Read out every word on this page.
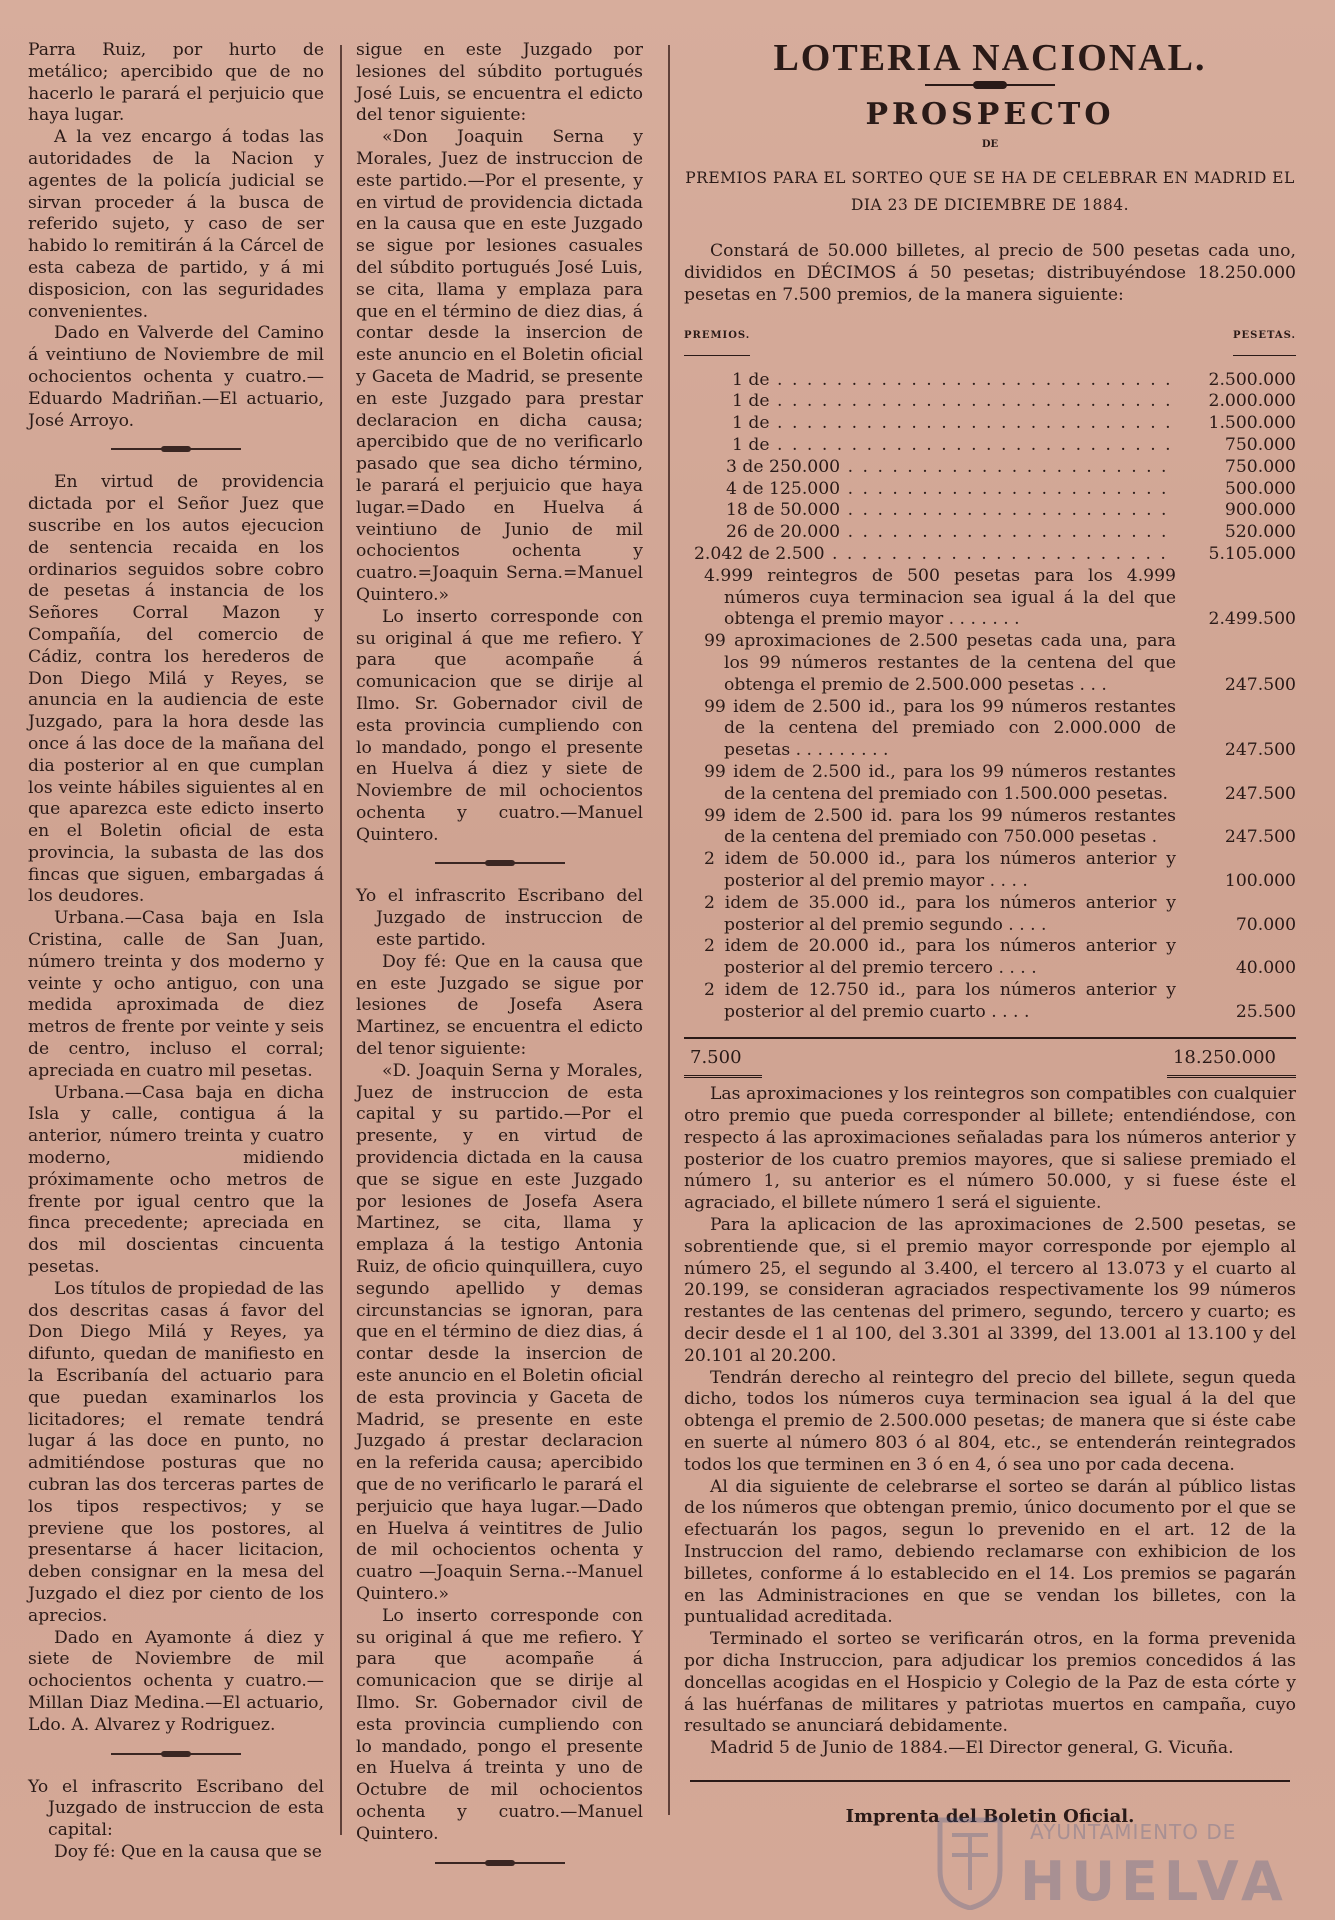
Parra Ruiz, por hurto de metálico; apercibido que de no hacerlo le parará el perjuicio que haya lugar.

A la vez encargo á todas las autoridades de la Nacion y agentes de la policía judicial se sirvan proceder á la busca de referido sujeto, y caso de ser habido lo remitirán á la Cárcel de esta cabeza de partido, y á mi disposicion, con las seguridades convenientes.

Dado en Valverde del Camino á veintiuno de Noviembre de mil ochocientos ochenta y cuatro.—Eduardo Madriñan.—El actuario, José Arroyo.

En virtud de providencia dictada por el Señor Juez que suscribe en los autos ejecucion de sentencia recaida en los ordinarios seguidos sobre cobro de pesetas á instancia de los Señores Corral Mazon y Compañía, del comercio de Cádiz, contra los herederos de Don Diego Milá y Reyes, se anuncia en la audiencia de este Juzgado, para la hora desde las once á las doce de la mañana del dia posterior al en que cumplan los veinte hábiles siguientes al en que aparezca este edicto inserto en el Boletin oficial de esta provincia, la subasta de las dos fincas que siguen, embargadas á los deudores.

Urbana.—Casa baja en Isla Cristina, calle de San Juan, número treinta y dos moderno y veinte y ocho antiguo, con una medida aproximada de diez metros de frente por veinte y seis de centro, incluso el corral; apreciada en cuatro mil pesetas.

Urbana.—Casa baja en dicha Isla y calle, contigua á la anterior, número treinta y cuatro moderno, midiendo próximamente ocho metros de frente por igual centro que la finca precedente; apreciada en dos mil doscientas cincuenta pesetas.

Los títulos de propiedad de las dos descritas casas á favor del Don Diego Milá y Reyes, ya difunto, quedan de manifiesto en la Escribanía del actuario para que puedan examinarlos los licitadores; el remate tendrá lugar á las doce en punto, no admitiéndose posturas que no cubran las dos terceras partes de los tipos respectivos; y se previene que los postores, al presentarse á hacer licitacion, deben consignar en la mesa del Juzgado el diez por ciento de los aprecios.

Dado en Ayamonte á diez y siete de Noviembre de mil ochocientos ochenta y cuatro.—Millan Diaz Medina.—El actuario, Ldo. A. Alvarez y Rodriguez.

Yo el infrascrito Escribano del Juzgado de instruccion de esta capital:

Doy fé: Que en la causa que se

sigue en este Juzgado por lesiones del súbdito portugués José Luis, se encuentra el edicto del tenor siguiente:

«Don Joaquin Serna y Morales, Juez de instruccion de este partido.—Por el presente, y en virtud de providencia dictada en la causa que en este Juzgado se sigue por lesiones casuales del súbdito portugués José Luis, se cita, llama y emplaza para que en el término de diez dias, á contar desde la insercion de este anuncio en el Boletin oficial y Gaceta de Madrid, se presente en este Juzgado para prestar declaracion en dicha causa; apercibido que de no verificarlo pasado que sea dicho término, le parará el perjuicio que haya lugar.=Dado en Huelva á veintiuno de Junio de mil ochocientos ochenta y cuatro.=Joaquin Serna.=Manuel Quintero.»

Lo inserto corresponde con su original á que me refiero. Y para que acompañe á comunicacion que se dirije al Ilmo. Sr. Gobernador civil de esta provincia cumpliendo con lo mandado, pongo el presente en Huelva á diez y siete de Noviembre de mil ochocientos ochenta y cuatro.—Manuel Quintero.

Yo el infrascrito Escribano del Juzgado de instruccion de este partido.

Doy fé: Que en la causa que en este Juzgado se sigue por lesiones de Josefa Asera Martinez, se encuentra el edicto del tenor siguiente:

«D. Joaquin Serna y Morales, Juez de instruccion de esta capital y su partido.—Por el presente, y en virtud de providencia dictada en la causa que se sigue en este Juzgado por lesiones de Josefa Asera Martinez, se cita, llama y emplaza á la testigo Antonia Ruiz, de oficio quinquillera, cuyo segundo apellido y demas circunstancias se ignoran, para que en el término de diez dias, á contar desde la insercion de este anuncio en el Boletin oficial de esta provincia y Gaceta de Madrid, se presente en este Juzgado á prestar declaracion en la referida causa; apercibido que de no verificarlo le parará el perjuicio que haya lugar.—Dado en Huelva á veintitres de Julio de mil ochocientos ochenta y cuatro —Joaquin Serna.--Manuel Quintero.»

Lo inserto corresponde con su original á que me refiero. Y para que acompañe á comunicacion que se dirije al Ilmo. Sr. Gobernador civil de esta provincia cumpliendo con lo mandado, pongo el presente en Huelva á treinta y uno de Octubre de mil ochocientos ochenta y cuatro.—Manuel Quintero.

LOTERIA NACIONAL.
PROSPECTO
DE
PREMIOS PARA EL SORTEO QUE SE HA DE CELEBRAR EN MADRID EL DIA 23 DE DICIEMBRE DE 1884.

Constará de 50.000 billetes, al precio de 500 pesetas cada uno, divididos en DÉCIMOS á 50 pesetas; distribuyéndose 18.250.000 pesetas en 7.500 premios, de la manera siguiente:

PREMIOS.	PESETAS.
1 de . .	2.500.000
1 de . .	2.000.000
1 de . .	1.500.000
1 de . .	750.000
3 de 250.000 . .	750.000
4 de 125.000 . .	500.000
18 de 50.000 . .	900.000
26 de 20.000 . .	520.000
2.042 de 2.500 . .	5.105.000
4.999 reintegros de 500 pesetas para los 4.999 números cuya terminacion sea igual á la del que obtenga el premio mayor . . . . . . .	2.499.500
99 aproximaciones de 2.500 pesetas cada una, para los 99 números restantes de la centena del que obtenga el premio de 2.500.000 pesetas . . .	247.500
99 idem de 2.500 id., para los 99 números restantes de la centena del premiado con 2.000.000 de pesetas . . . . . . . . .	247.500
99 idem de 2.500 id., para los 99 números restantes de la centena del premiado con 1.500.000 pesetas.	247.500
99 idem de 2.500 id. para los 99 números restantes de la centena del premiado con 750.000 pesetas .	247.500
2 idem de 50.000 id., para los números anterior y posterior al del premio mayor . . . .	100.000
2 idem de 35.000 id., para los números anterior y posterior al del premio segundo . . . .	70.000
2 idem de 20.000 id., para los números anterior y posterior al del premio tercero . . . .	40.000
2 idem de 12.750 id., para los números anterior y posterior al del premio cuarto . . . .	25.500
7.500	18.250.000

Las aproximaciones y los reintegros son compatibles con cualquier otro premio que pueda corresponder al billete; entendiéndose, con respecto á las aproximaciones señaladas para los números anterior y posterior de los cuatro premios mayores, que si saliese premiado el número 1, su anterior es el número 50.000, y si fuese éste el agraciado, el billete número 1 será el siguiente.

Para la aplicacion de las aproximaciones de 2.500 pesetas, se sobrentiende que, si el premio mayor corresponde por ejemplo al número 25, el segundo al 3.400, el tercero al 13.073 y el cuarto al 20.199, se consideran agraciados respectivamente los 99 números restantes de las centenas del primero, segundo, tercero y cuarto; es decir desde el 1 al 100, del 3.301 al 3399, del 13.001 al 13.100 y del 20.101 al 20.200.

Tendrán derecho al reintegro del precio del billete, segun queda dicho, todos los números cuya terminacion sea igual á la del que obtenga el premio de 2.500.000 pesetas; de manera que si éste cabe en suerte al número 803 ó al 804, etc., se entenderán reintegrados todos los que terminen en 3 ó en 4, ó sea uno por cada decena.

Al dia siguiente de celebrarse el sorteo se darán al público listas de los números que obtengan premio, único documento por el que se efectuarán los pagos, segun lo prevenido en el art. 12 de la Instruccion del ramo, debiendo reclamarse con exhibicion de los billetes, conforme á lo establecido en el 14. Los premios se pagarán en las Administraciones en que se vendan los billetes, con la puntualidad acreditada.

Terminado el sorteo se verificarán otros, en la forma prevenida por dicha Instruccion, para adjudicar los premios concedidos á las doncellas acogidas en el Hospicio y Colegio de la Paz de esta córte y á las huérfanas de militares y patriotas muertos en campaña, cuyo resultado se anunciará debidamente.

Madrid 5 de Junio de 1884.—El Director general, G. Vicuña.

Imprenta del Boletin Oficial.
AYUNTAMIENTO DE
HUELVA
